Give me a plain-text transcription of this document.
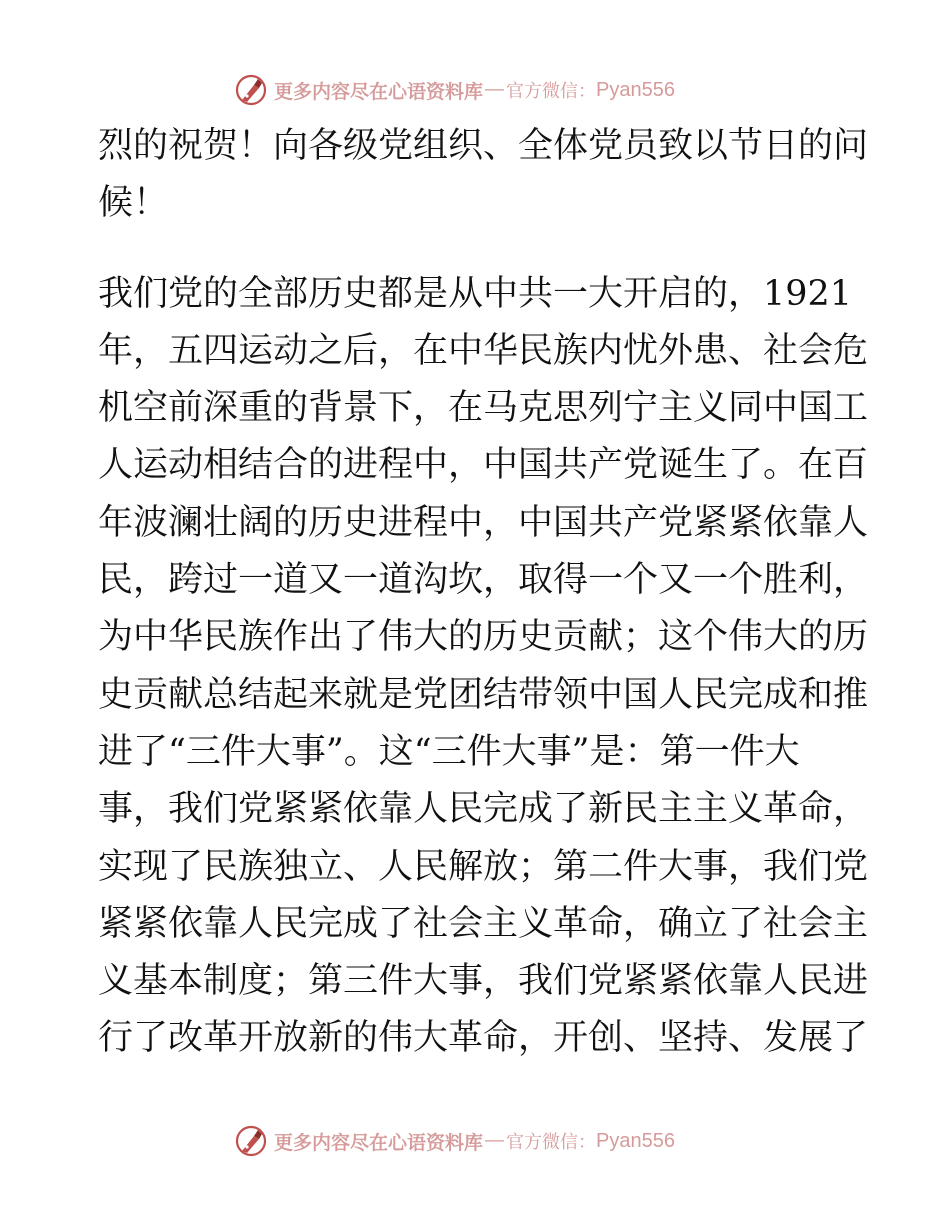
更多内容尽在心语资料库 — 官方微信： Pyan556
烈的祝贺！向各级党组织、全体党员致以节日的问
候！
我们党的全部历史都是从中共一大开启的，1921
年，五四运动之后，在中华民族内忧外患、社会危
机空前深重的背景下，在马克思列宁主义同中国工
人运动相结合的进程中，中国共产党诞生了。在百
年波澜壮阔的历史进程中，中国共产党紧紧依靠人
民，跨过一道又一道沟坎，取得一个又一个胜利，
为中华民族作出了伟大的历史贡献；这个伟大的历
史贡献总结起来就是党团结带领中国人民完成和推
进了“三件大事”。这“三件大事”是：第一件大
事，我们党紧紧依靠人民完成了新民主主义革命，
实现了民族独立、人民解放；第二件大事，我们党
紧紧依靠人民完成了社会主义革命，确立了社会主
义基本制度；第三件大事，我们党紧紧依靠人民进
行了改革开放新的伟大革命，开创、坚持、发展了
更多内容尽在心语资料库 — 官方微信： Pyan556
